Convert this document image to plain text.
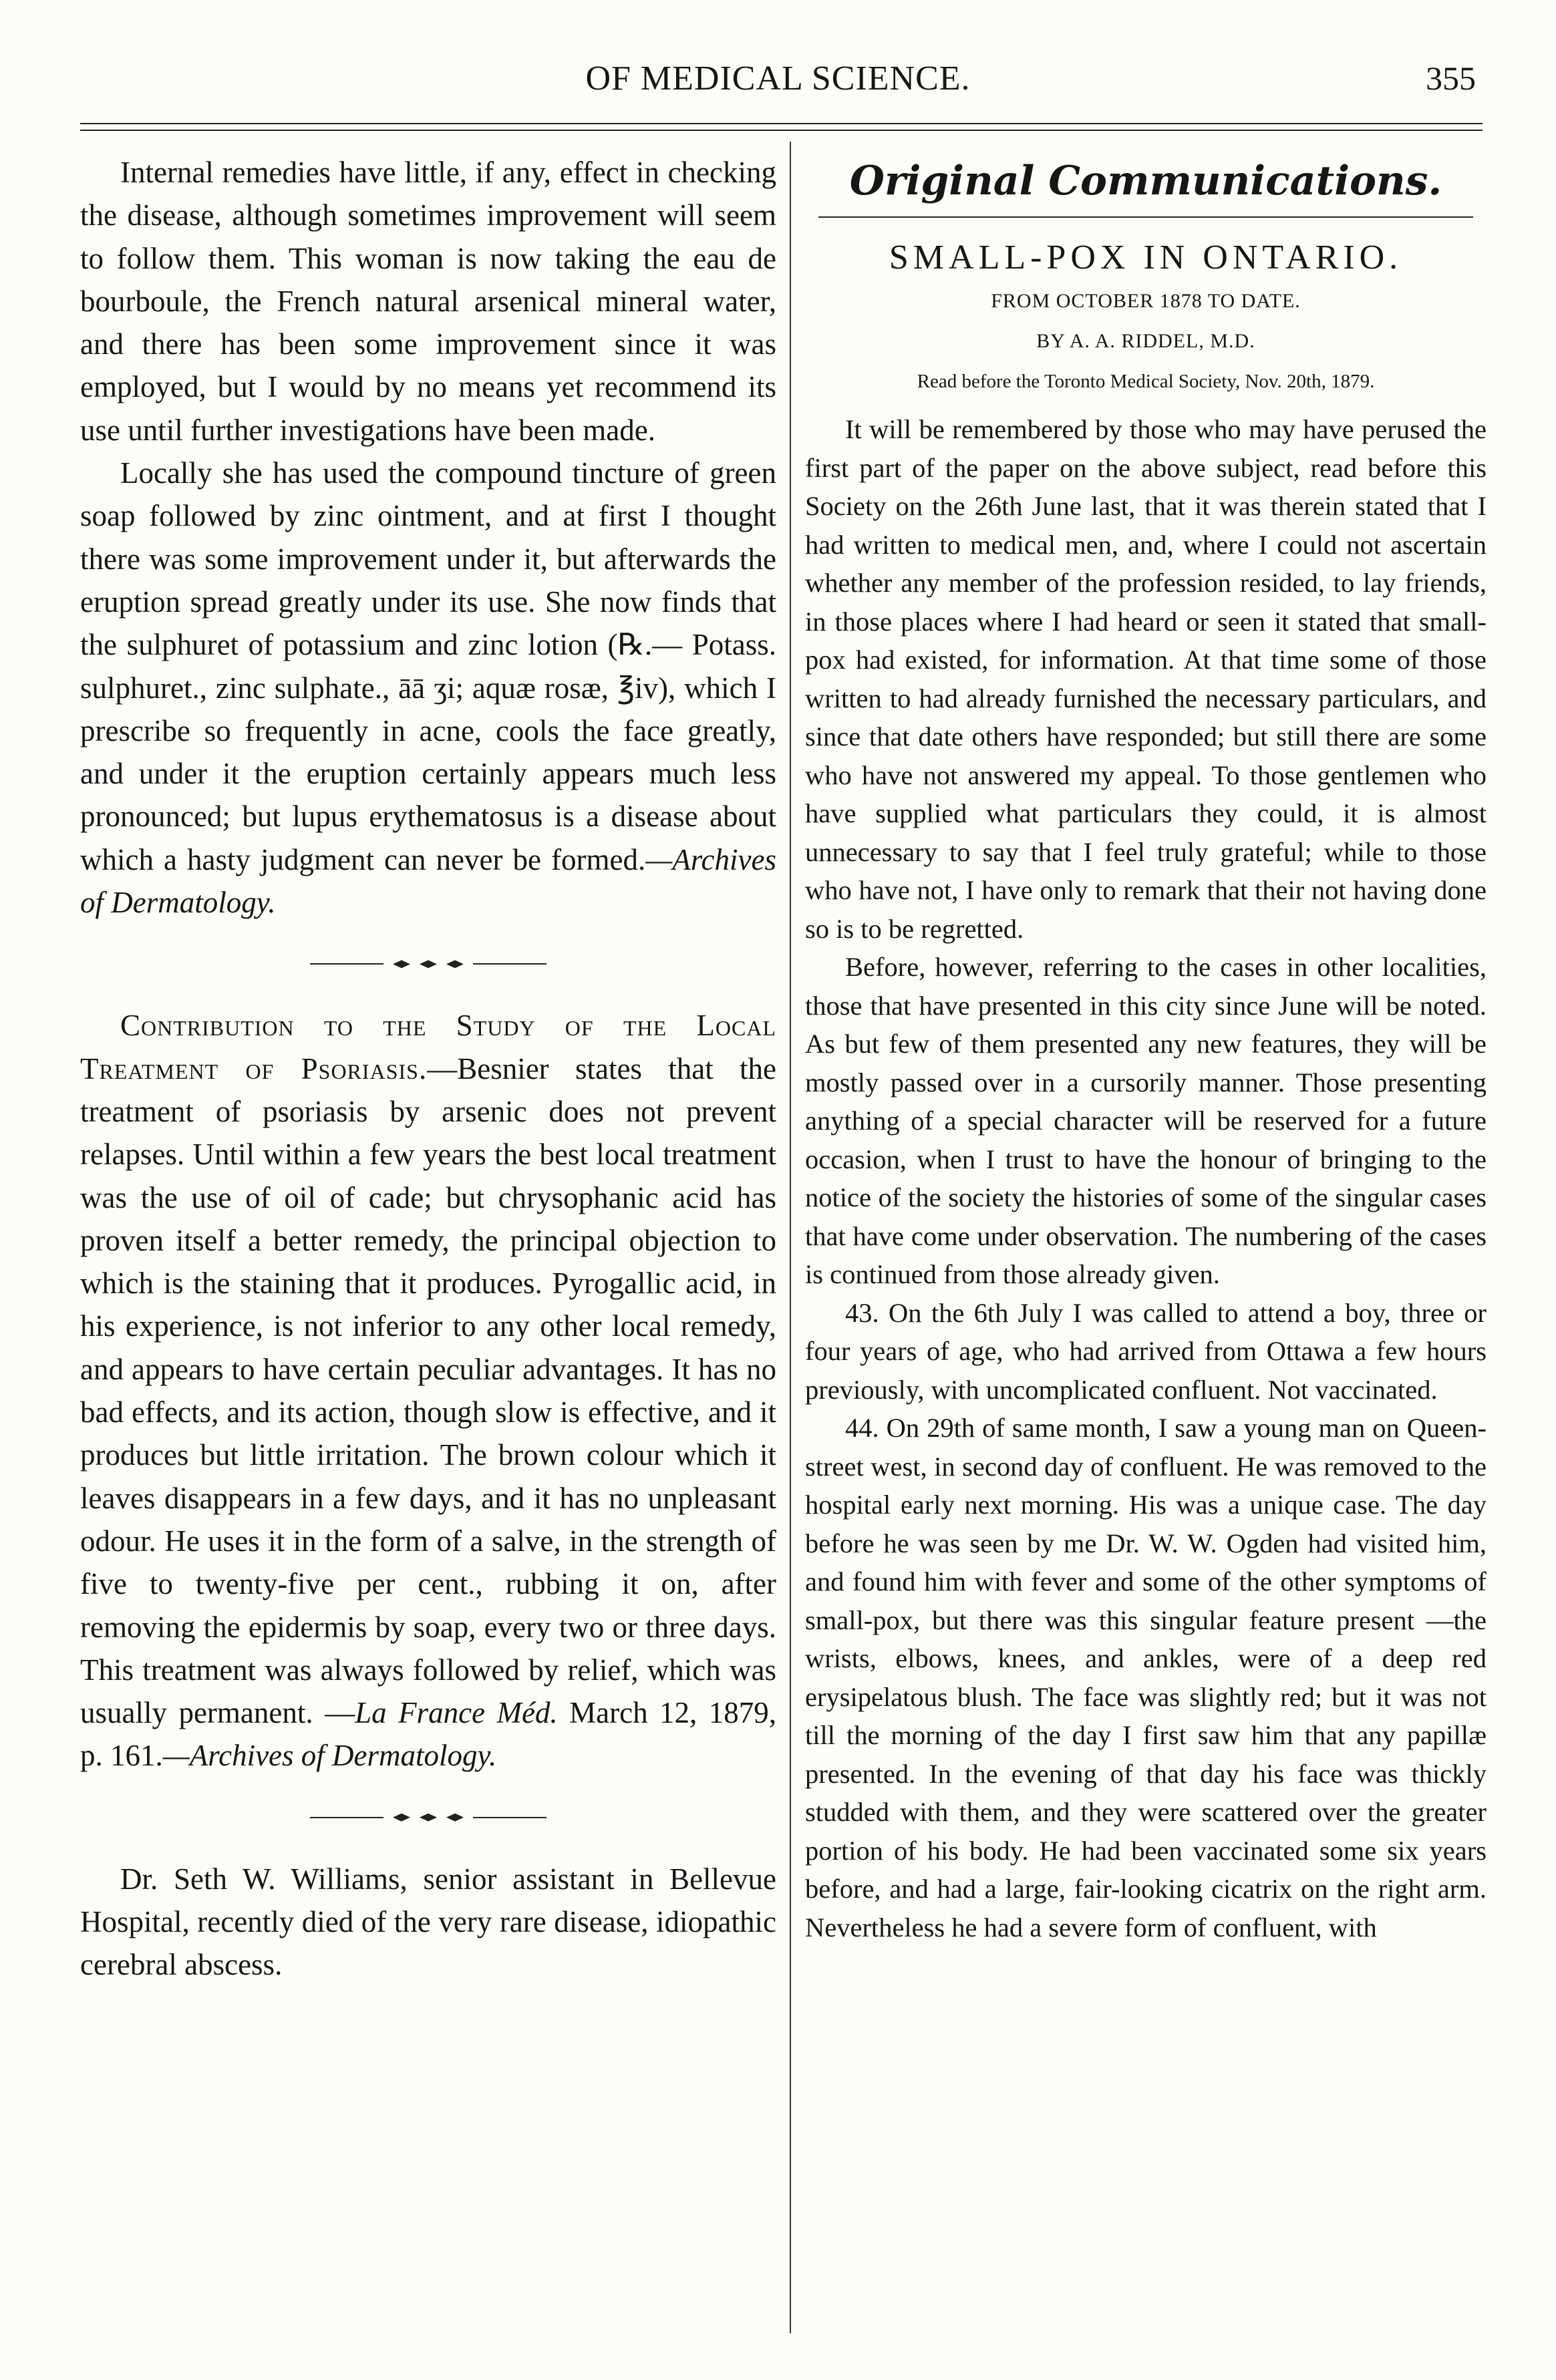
OF MEDICAL SCIENCE.	355

Internal remedies have little, if any, effect in checking the disease, although sometimes improvement will seem to follow them. This woman is now taking the eau de bourboule, the French natural arsenical mineral water, and there has been some improvement since it was employed, but I would by no means yet recommend its use until further investigations have been made.

Locally she has used the compound tincture of green soap followed by zinc ointment, and at first I thought there was some improvement under it, but afterwards the eruption spread greatly under its use. She now finds that the sulphuret of potassium and zinc lotion (℞.— Potass. sulphuret., zinc sulphate., āā ʒi; aquæ rosæ, ℥iv), which I prescribe so frequently in acne, cools the face greatly, and under it the eruption certainly appears much less pronounced; but lupus erythematosus is a disease about which a hasty judgment can never be formed.—Archives of Dermatology.

Contribution to the Study of the Local Treatment of Psoriasis.—Besnier states that the treatment of psoriasis by arsenic does not prevent relapses. Until within a few years the best local treatment was the use of oil of cade; but chrysophanic acid has proven itself a better remedy, the principal objection to which is the staining that it produces. Pyrogallic acid, in his experience, is not inferior to any other local remedy, and appears to have certain peculiar advantages. It has no bad effects, and its action, though slow is effective, and it produces but little irritation. The brown colour which it leaves disappears in a few days, and it has no unpleasant odour. He uses it in the form of a salve, in the strength of five to twenty-five per cent., rubbing it on, after removing the epidermis by soap, every two or three days. This treatment was always followed by relief, which was usually permanent. —La France Méd. March 12, 1879, p. 161.—Archives of Dermatology.

Dr. Seth W. Williams, senior assistant in Bellevue Hospital, recently died of the very rare disease, idiopathic cerebral abscess.

Original Communications.
SMALL-POX IN ONTARIO.
FROM OCTOBER 1878 TO DATE.
BY A. A. RIDDEL, M.D.
Read before the Toronto Medical Society, Nov. 20th, 1879.

It will be remembered by those who may have perused the first part of the paper on the above subject, read before this Society on the 26th June last, that it was therein stated that I had written to medical men, and, where I could not ascertain whether any member of the profession resided, to lay friends, in those places where I had heard or seen it stated that small-pox had existed, for information. At that time some of those written to had already furnished the necessary particulars, and since that date others have responded; but still there are some who have not answered my appeal. To those gentlemen who have supplied what particulars they could, it is almost unnecessary to say that I feel truly grateful; while to those who have not, I have only to remark that their not having done so is to be regretted.

Before, however, referring to the cases in other localities, those that have presented in this city since June will be noted. As but few of them presented any new features, they will be mostly passed over in a cursorily manner. Those presenting anything of a special character will be reserved for a future occasion, when I trust to have the honour of bringing to the notice of the society the histories of some of the singular cases that have come under observation. The numbering of the cases is continued from those already given.

43. On the 6th July I was called to attend a boy, three or four years of age, who had arrived from Ottawa a few hours previously, with uncomplicated confluent. Not vaccinated.

44. On 29th of same month, I saw a young man on Queen-street west, in second day of confluent. He was removed to the hospital early next morning. His was a unique case. The day before he was seen by me Dr. W. W. Ogden had visited him, and found him with fever and some of the other symptoms of small-pox, but there was this singular feature present —the wrists, elbows, knees, and ankles, were of a deep red erysipelatous blush. The face was slightly red; but it was not till the morning of the day I first saw him that any papillæ presented. In the evening of that day his face was thickly studded with them, and they were scattered over the greater portion of his body. He had been vaccinated some six years before, and had a large, fair-looking cicatrix on the right arm. Nevertheless he had a severe form of confluent, with
